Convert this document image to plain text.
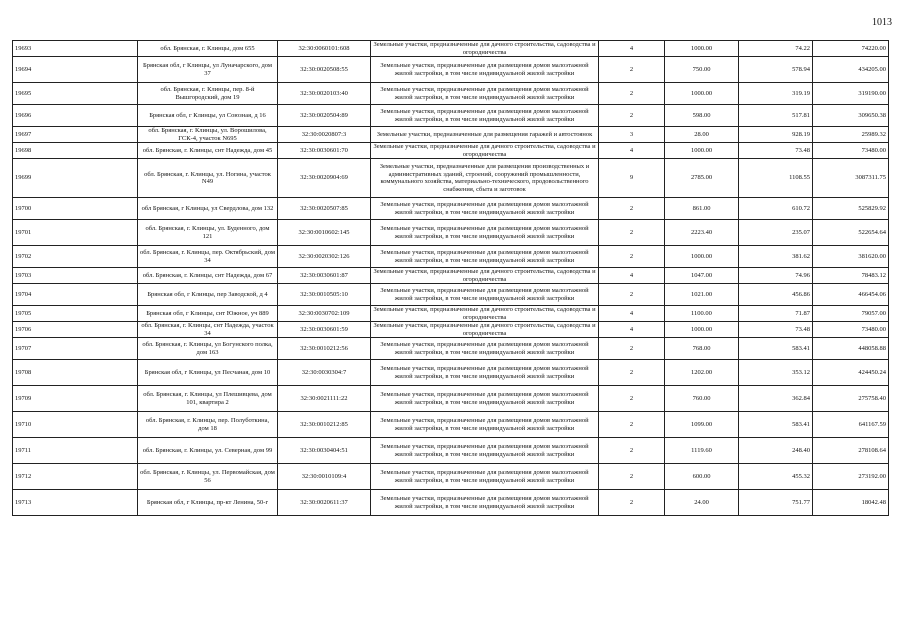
1013
19693	обл. Брянская, г. Клинцы, дом 655	32:30:0060101:608	Земельные участки, предназначенные для дачного строительства, садоводства и огородничества	4	1000.00	74.22	74220.00
19694	Брянская обл, г Клинцы, ул Луначарского, дом 37	32:30:0020508:55	Земельные участки, предназначенные для размещения домов малоэтажной жилой застройки, в том числе индивидуальной жилой застройки	2	750.00	578.94	434205.00
19695	обл. Брянская, г. Клинцы, пер. 8-й Вышгородский, дом 19	32:30:0020103:40	Земельные участки, предназначенные для размещения домов малоэтажной жилой застройки, в том числе индивидуальной жилой застройки	2	1000.00	319.19	319190.00
19696	Брянская обл, г Клинцы, ул Союзная, д 16	32:30:0020504:89	Земельные участки, предназначенные для размещения домов малоэтажной жилой застройки, в том числе индивидуальной жилой застройки	2	598.00	517.81	309650.38
19697	обл. Брянская, г. Клинцы, ул. Ворошилова, ГСК-4, участок N695	32:30:0020807:3	Земельные участки, предназначенные для размещения гаражей и автостоянок	3	28.00	928.19	25989.32
19698	обл. Брянская, г. Клинцы, снт Надежда, дом 45	32:30:0030601:70	Земельные участки, предназначенные для дачного строительства, садоводства и огородничества	4	1000.00	73.48	73480.00
19699	обл. Брянская, г. Клинцы, ул. Ногина, участок N49	32:30:0020904:69	Земельные участки, предназначенные для размещения производственных и административных зданий, строений, сооружений промышленности, коммунального хозяйства, материально-технического, продовольственного снабжения, сбыта и заготовок	9	2785.00	1108.55	3087311.75
19700	обл Брянская, г Клинцы, ул Свердлова, дом 132	32:30:0020507:85	Земельные участки, предназначенные для размещения домов малоэтажной жилой застройки, в том числе индивидуальной жилой застройки	2	861.00	610.72	525829.92
19701	обл. Брянская, г. Клинцы, ул. Буденного, дом 121	32:30:0010602:145	Земельные участки, предназначенные для размещения домов малоэтажной жилой застройки, в том числе индивидуальной жилой застройки	2	2223.40	235.07	522654.64
19702	обл. Брянская, г. Клинцы, пер. Октябрьский, дом 34	32:30:0020302:126	Земельные участки, предназначенные для размещения домов малоэтажной жилой застройки, в том числе индивидуальной жилой застройки	2	1000.00	381.62	381620.00
19703	обл. Брянская, г. Клинцы, снт Надежда, дом 67	32:30:0030601:87	Земельные участки, предназначенные для дачного строительства, садоводства и огородничества	4	1047.00	74.96	78483.12
19704	Брянская обл, г Клинцы, пер Заводской, д 4	32:30:0010505:10	Земельные участки, предназначенные для размещения домов малоэтажной жилой застройки, в том числе индивидуальной жилой застройки	2	1021.00	456.86	466454.06
19705	Брянская обл, г Клинцы, снт Южное, уч 889	32:30:0030702:109	Земельные участки, предназначенные для дачного строительства, садоводства и огородничества	4	1100.00	71.87	79057.00
19706	обл. Брянская, г. Клинцы, снт Надежда, участок 34	32:30:0030601:59	Земельные участки, предназначенные для дачного строительства, садоводства и огородничества	4	1000.00	73.48	73480.00
19707	обл. Брянская, г. Клинцы, ул Богунского полка, дом 163	32:30:0010212:56	Земельные участки, предназначенные для размещения домов малоэтажной жилой застройки, в том числе индивидуальной жилой застройки	2	768.00	583.41	448058.88
19708	Брянская обл, г Клинцы, ул Песчаная, дом 10	32:30:0030304:7	Земельные участки, предназначенные для размещения домов малоэтажной жилой застройки, в том числе индивидуальной жилой застройки	2	1202.00	353.12	424450.24
19709	обл. Брянская, г. Клинцы, ул Плешивцева, дом 101, квартира 2	32:30:0021111:22	Земельные участки, предназначенные для размещения домов малоэтажной жилой застройки, в том числе индивидуальной жилой застройки	2	760.00	362.84	275758.40
19710	обл. Брянская, г. Клинцы, пер. Полуботкина, дом 18	32:30:0010212:85	Земельные участки, предназначенные для размещения домов малоэтажной жилой застройки, в том числе индивидуальной жилой застройки	2	1099.00	583.41	641167.59
19711	обл. Брянская, г. Клинцы, ул. Северная, дом 99	32:30:0030404:51	Земельные участки, предназначенные для размещения домов малоэтажной жилой застройки, в том числе индивидуальной жилой застройки	2	1119.60	248.40	278108.64
19712	обл. Брянская, г. Клинцы, ул. Первомайская, дом 56	32:30:0010109:4	Земельные участки, предназначенные для размещения домов малоэтажной жилой застройки, в том числе индивидуальной жилой застройки	2	600.00	455.32	273192.00
19713	Брянская обл, г Клинцы, пр-кт Ленина, 50-г	32:30:0020611:37	Земельные участки, предназначенные для размещения домов малоэтажной жилой застройки, в том числе индивидуальной жилой застройки	2	24.00	751.77	18042.48
